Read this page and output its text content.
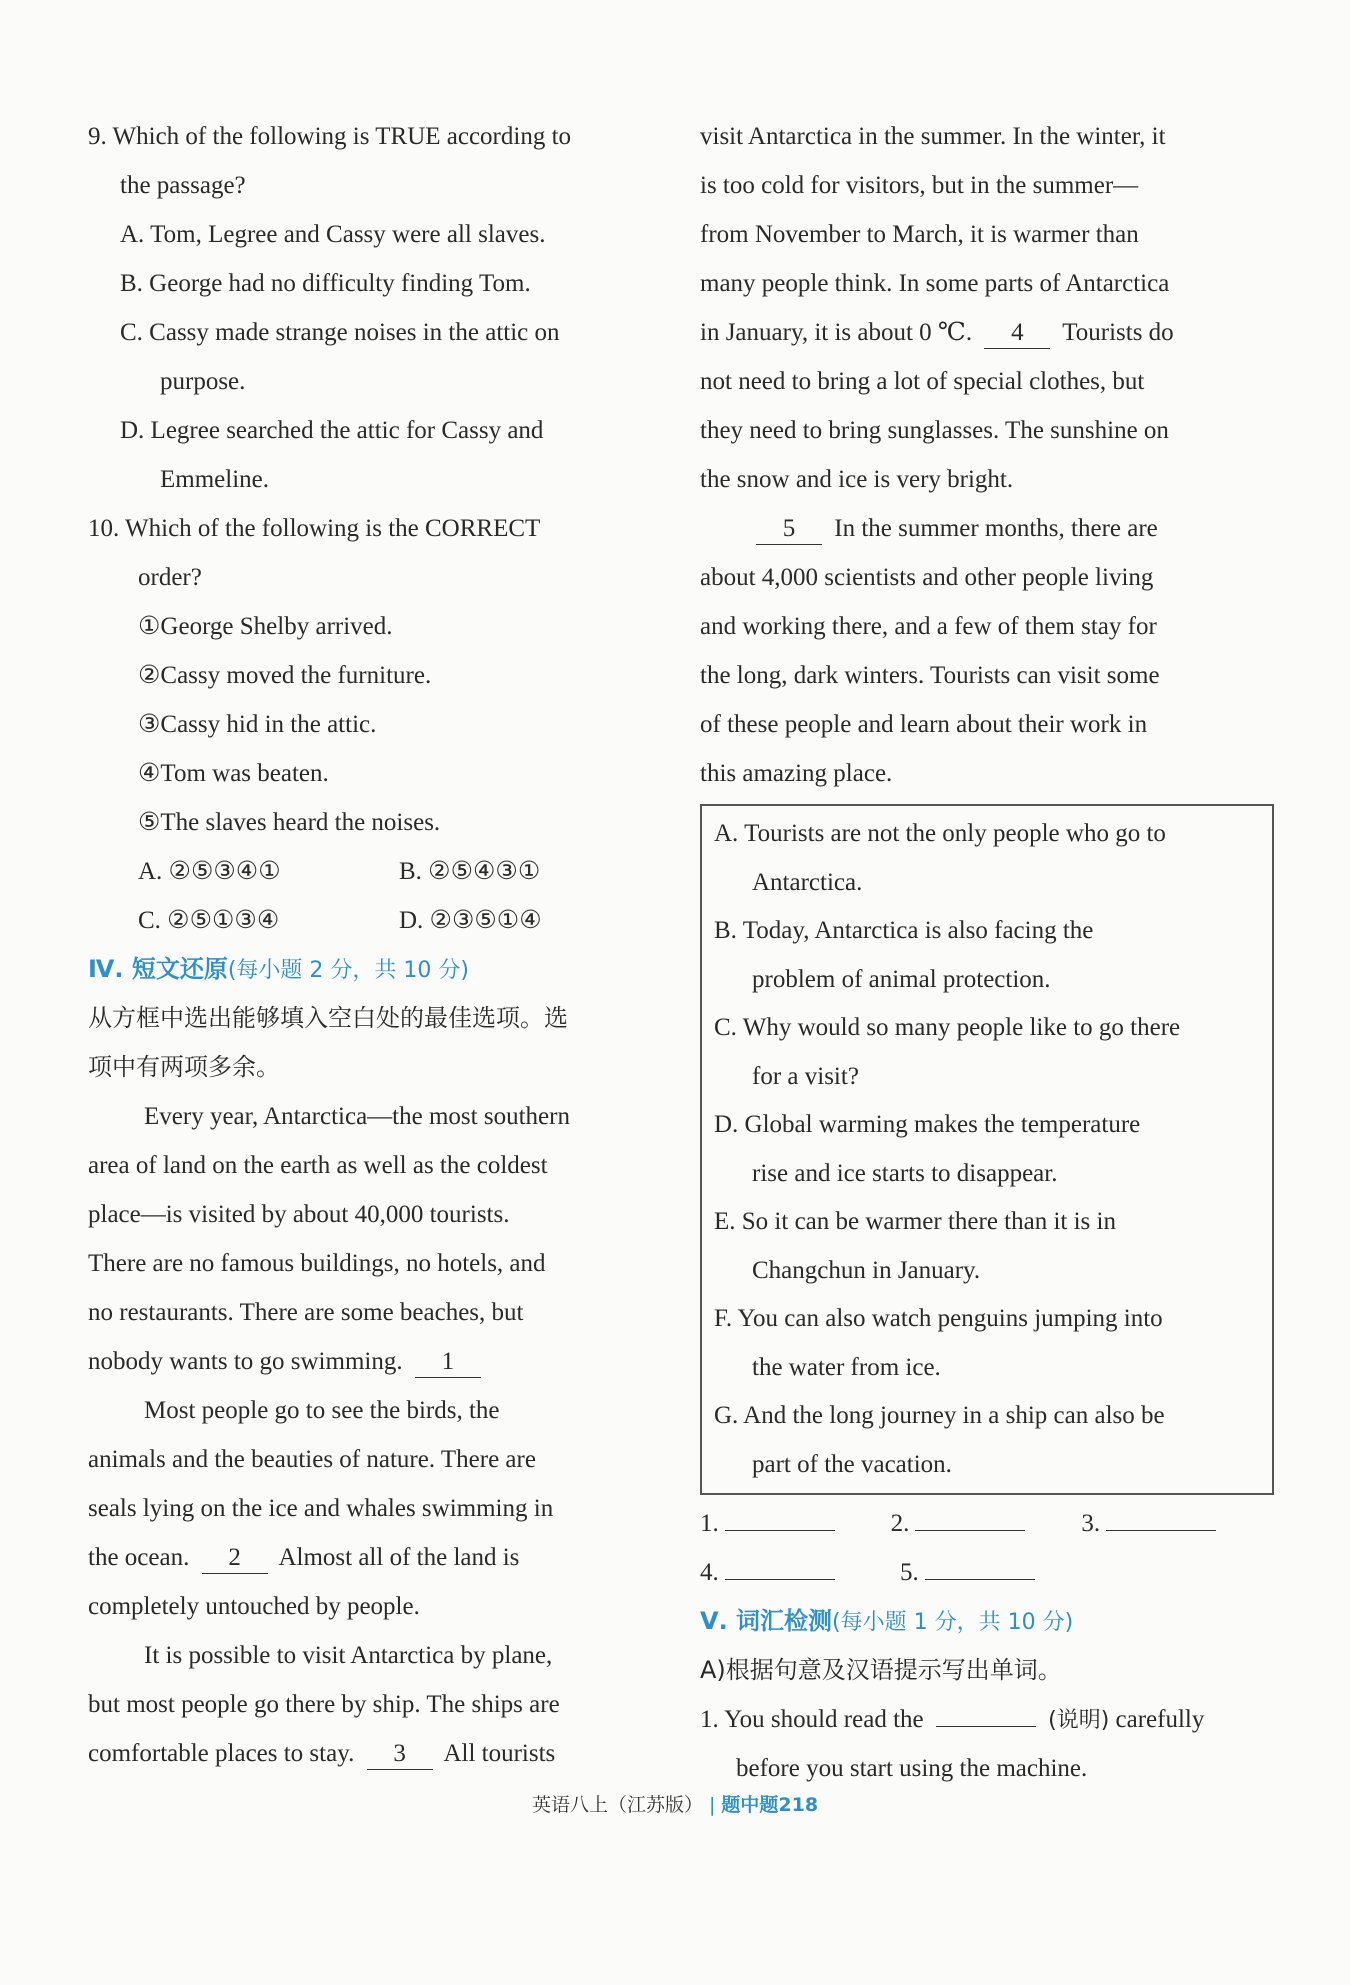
9. Which of the following is TRUE according to
the passage?
A. Tom, Legree and Cassy were all slaves.
B. George had no difficulty finding Tom.
C. Cassy made strange noises in the attic on
purpose.
D. Legree searched the attic for Cassy and
Emmeline.
10. Which of the following is the CORRECT
order?
①George Shelby arrived.
②Cassy moved the furniture.
③Cassy hid in the attic.
④Tom was beaten.
⑤The slaves heard the noises.
A. ②⑤③④①	B. ②⑤④③①
C. ②⑤①③④	D. ②③⑤①④
Ⅳ. 短文还原(每小题 2 分，共 10 分)
从方框中选出能够填入空白处的最佳选项。选
项中有两项多余。
Every year, Antarctica—the most southern
area of land on the earth as well as the coldest
place—is visited by about 40,000 tourists.
There are no famous buildings, no hotels, and
no restaurants. There are some beaches, but
nobody wants to go swimming. 1
Most people go to see the birds, the
animals and the beauties of nature. There are
seals lying on the ice and whales swimming in
the ocean. 2 Almost all of the land is
completely untouched by people.
It is possible to visit Antarctica by plane,
but most people go there by ship. The ships are
comfortable places to stay. 3 All tourists
visit Antarctica in the summer. In the winter, it
is too cold for visitors, but in the summer—
from November to March, it is warmer than
many people think. In some parts of Antarctica
in January, it is about 0 ℃. 4 Tourists do
not need to bring a lot of special clothes, but
they need to bring sunglasses. The sunshine on
the snow and ice is very bright.
5 In the summer months, there are
about 4,000 scientists and other people living
and working there, and a few of them stay for
the long, dark winters. Tourists can visit some
of these people and learn about their work in
this amazing place.
A. Tourists are not the only people who go to
Antarctica.
B. Today, Antarctica is also facing the
problem of animal protection.
C. Why would so many people like to go there
for a visit?
D. Global warming makes the temperature
rise and ice starts to disappear.
E. So it can be warmer there than it is in
Changchun in January.
F. You can also watch penguins jumping into
the water from ice.
G. And the long journey in a ship can also be
part of the vacation.
1.	2.	3.
4.	5.
Ⅴ. 词汇检测(每小题 1 分，共 10 分)
A)根据句意及汉语提示写出单词。
1. You should read the	(说明) carefully
before you start using the machine.
英语八上（江苏版） | 题中题218
